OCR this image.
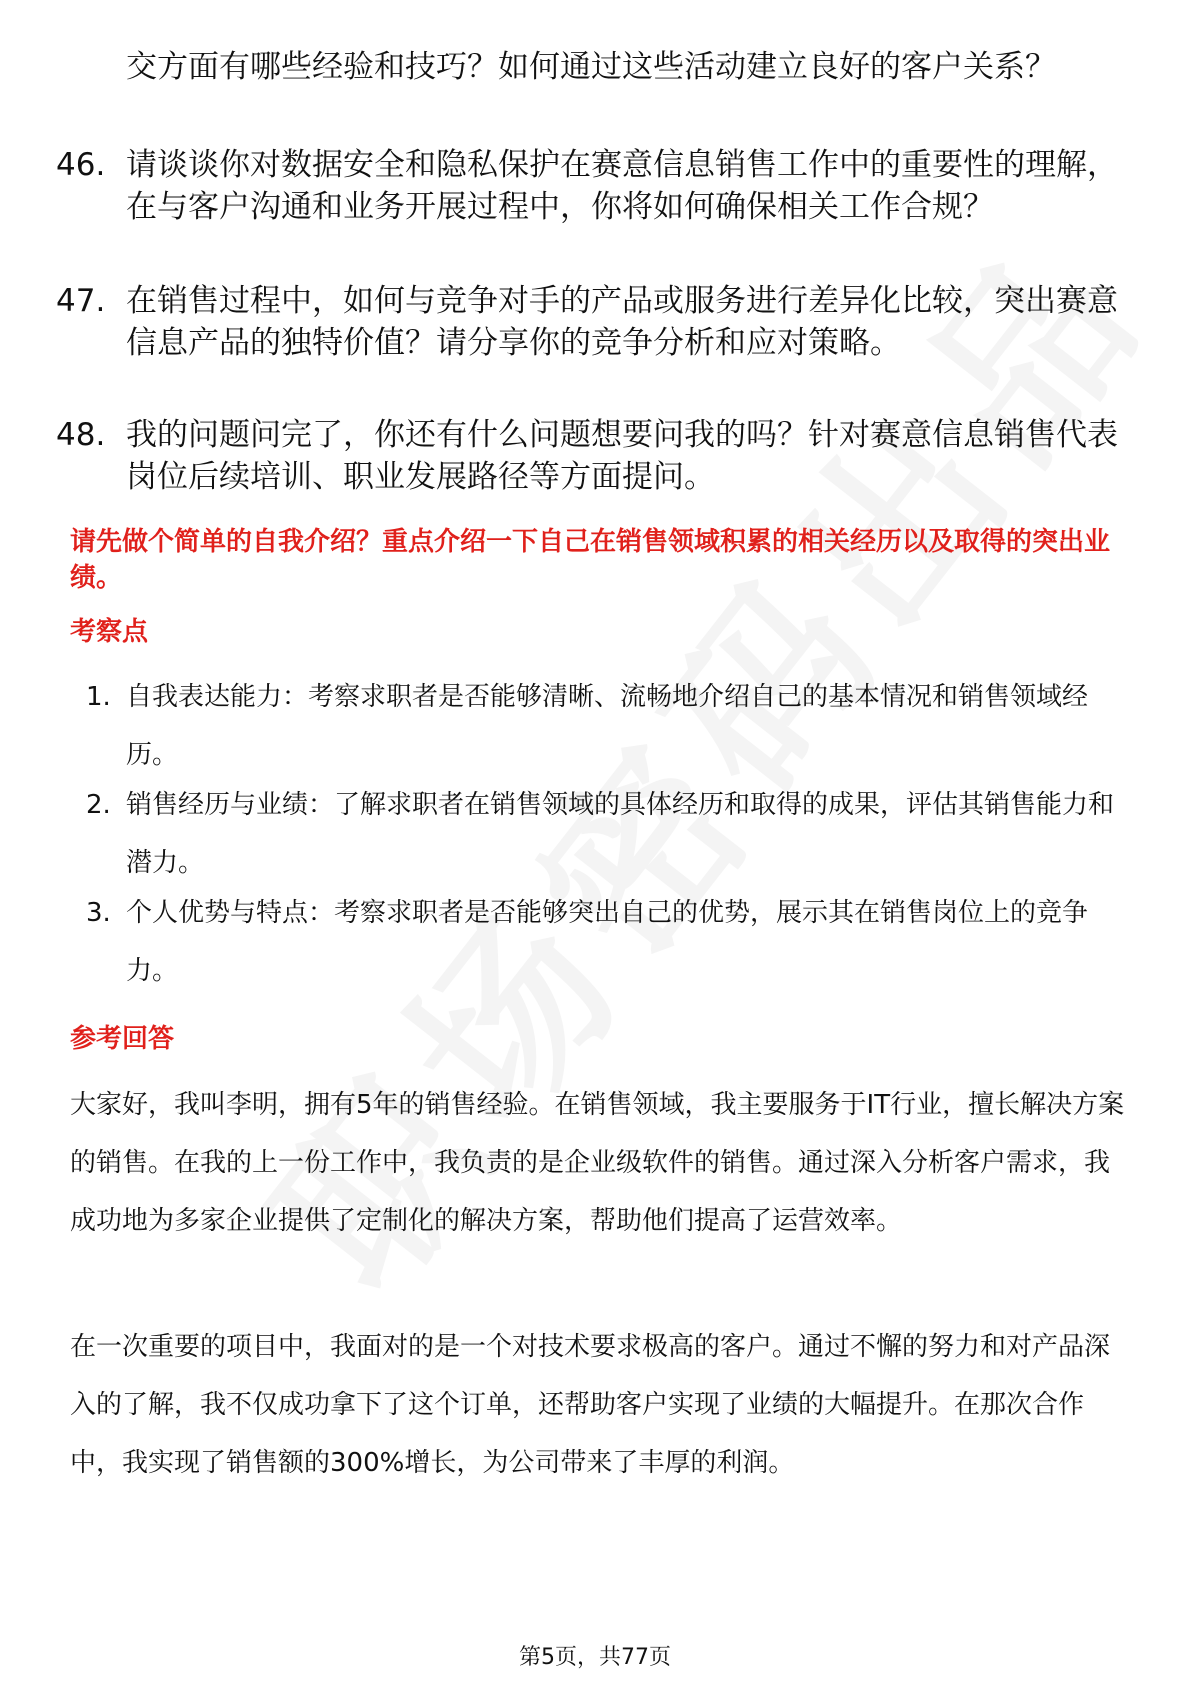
交方面有哪些经验和技巧？如何通过这些活动建立良好的客户关系？
46. 请谈谈你对数据安全和隐私保护在赛意信息销售工作中的重要性的理解，在与客户沟通和业务开展过程中，你将如何确保相关工作合规？
47. 在销售过程中，如何与竞争对手的产品或服务进行差异化比较，突出赛意信息产品的独特价值？请分享你的竞争分析和应对策略。
48. 我的问题问完了，你还有什么问题想要问我的吗？针对赛意信息销售代表岗位后续培训、职业发展路径等方面提问。
请先做个简单的自我介绍？重点介绍一下自己在销售领域积累的相关经历以及取得的突出业绩。
考察点
1. 自我表达能力：考察求职者是否能够清晰、流畅地介绍自己的基本情况和销售领域经历。
2. 销售经历与业绩：了解求职者在销售领域的具体经历和取得的成果，评估其销售能力和潜力。
3. 个人优势与特点：考察求职者是否能够突出自己的优势，展示其在销售岗位上的竞争力。
参考回答
大家好，我叫李明，拥有5年的销售经验。在销售领域，我主要服务于IT行业，擅长解决方案的销售。在我的上一份工作中，我负责的是企业级软件的销售。通过深入分析客户需求，我成功地为多家企业提供了定制化的解决方案，帮助他们提高了运营效率。
在一次重要的项目中，我面对的是一个对技术要求极高的客户。通过不懈的努力和对产品深入的了解，我不仅成功拿下了这个订单，还帮助客户实现了业绩的大幅提升。在那次合作中，我实现了销售额的300%增长，为公司带来了丰厚的利润。
第5页，共77页
